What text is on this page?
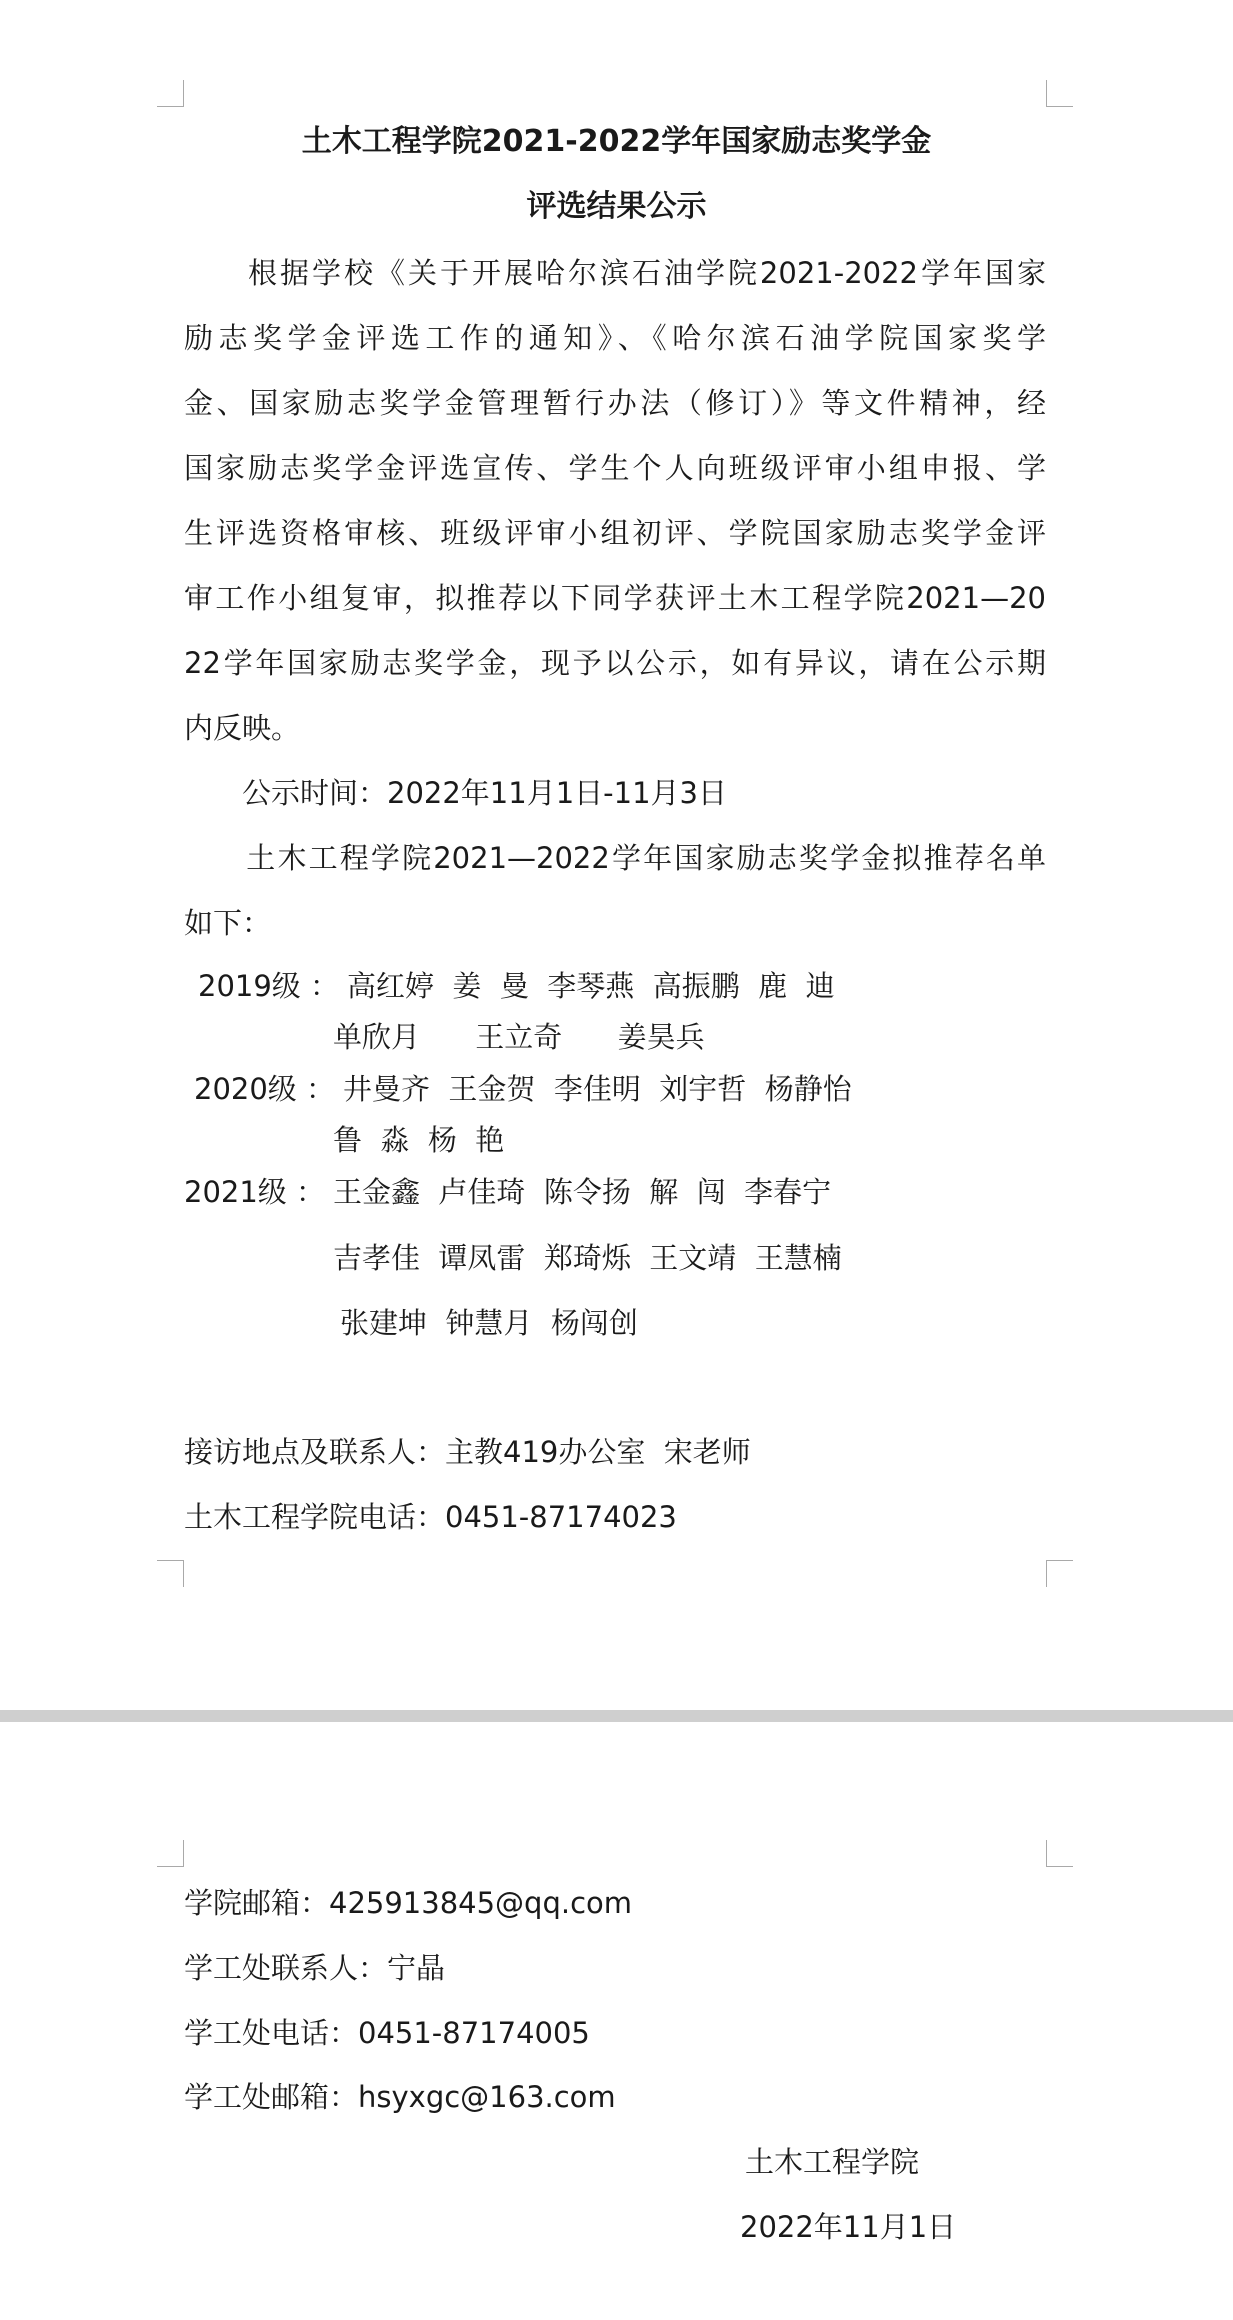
土木工程学院2021-2022学年国家励志奖学金
评选结果公示
　　根据学校《关于开展哈尔滨石油学院2021-2022学年国家
励志奖学金评选工作的通知》、《哈尔滨石油学院国家奖学
金、国家励志奖学金管理暂行办法（修订）》等文件精神，经
国家励志奖学金评选宣传、学生个人向班级评审小组申报、学
生评选资格审核、班级评审小组初评、学院国家励志奖学金评
审工作小组复审，拟推荐以下同学获评土木工程学院2021—20
22学年国家励志奖学金，现予以公示，如有异议，请在公示期
内反映。
　　公示时间：2022年11月1日-11月3日
　　土木工程学院2021—2022学年国家励志奖学金拟推荐名单
如下：
2019级 ： 高红婷  姜  曼  李琴燕  高振鹏  鹿  迪
单欣月      王立奇      姜昊兵
2020级 ： 井曼齐  王金贺  李佳明  刘宇哲  杨静怡
鲁  淼  杨  艳
2021级 ： 王金鑫  卢佳琦  陈令扬  解  闯  李春宁
吉孝佳  谭凤雷  郑琦烁  王文靖  王慧楠
张建坤  钟慧月  杨闯创
接访地点及联系人：主教419办公室  宋老师
土木工程学院电话：0451-87174023
学院邮箱：425913845@qq.com
学工处联系人：宁晶
学工处电话：0451-87174005
学工处邮箱：hsyxgc@163.com
土木工程学院
2022年11月1日
